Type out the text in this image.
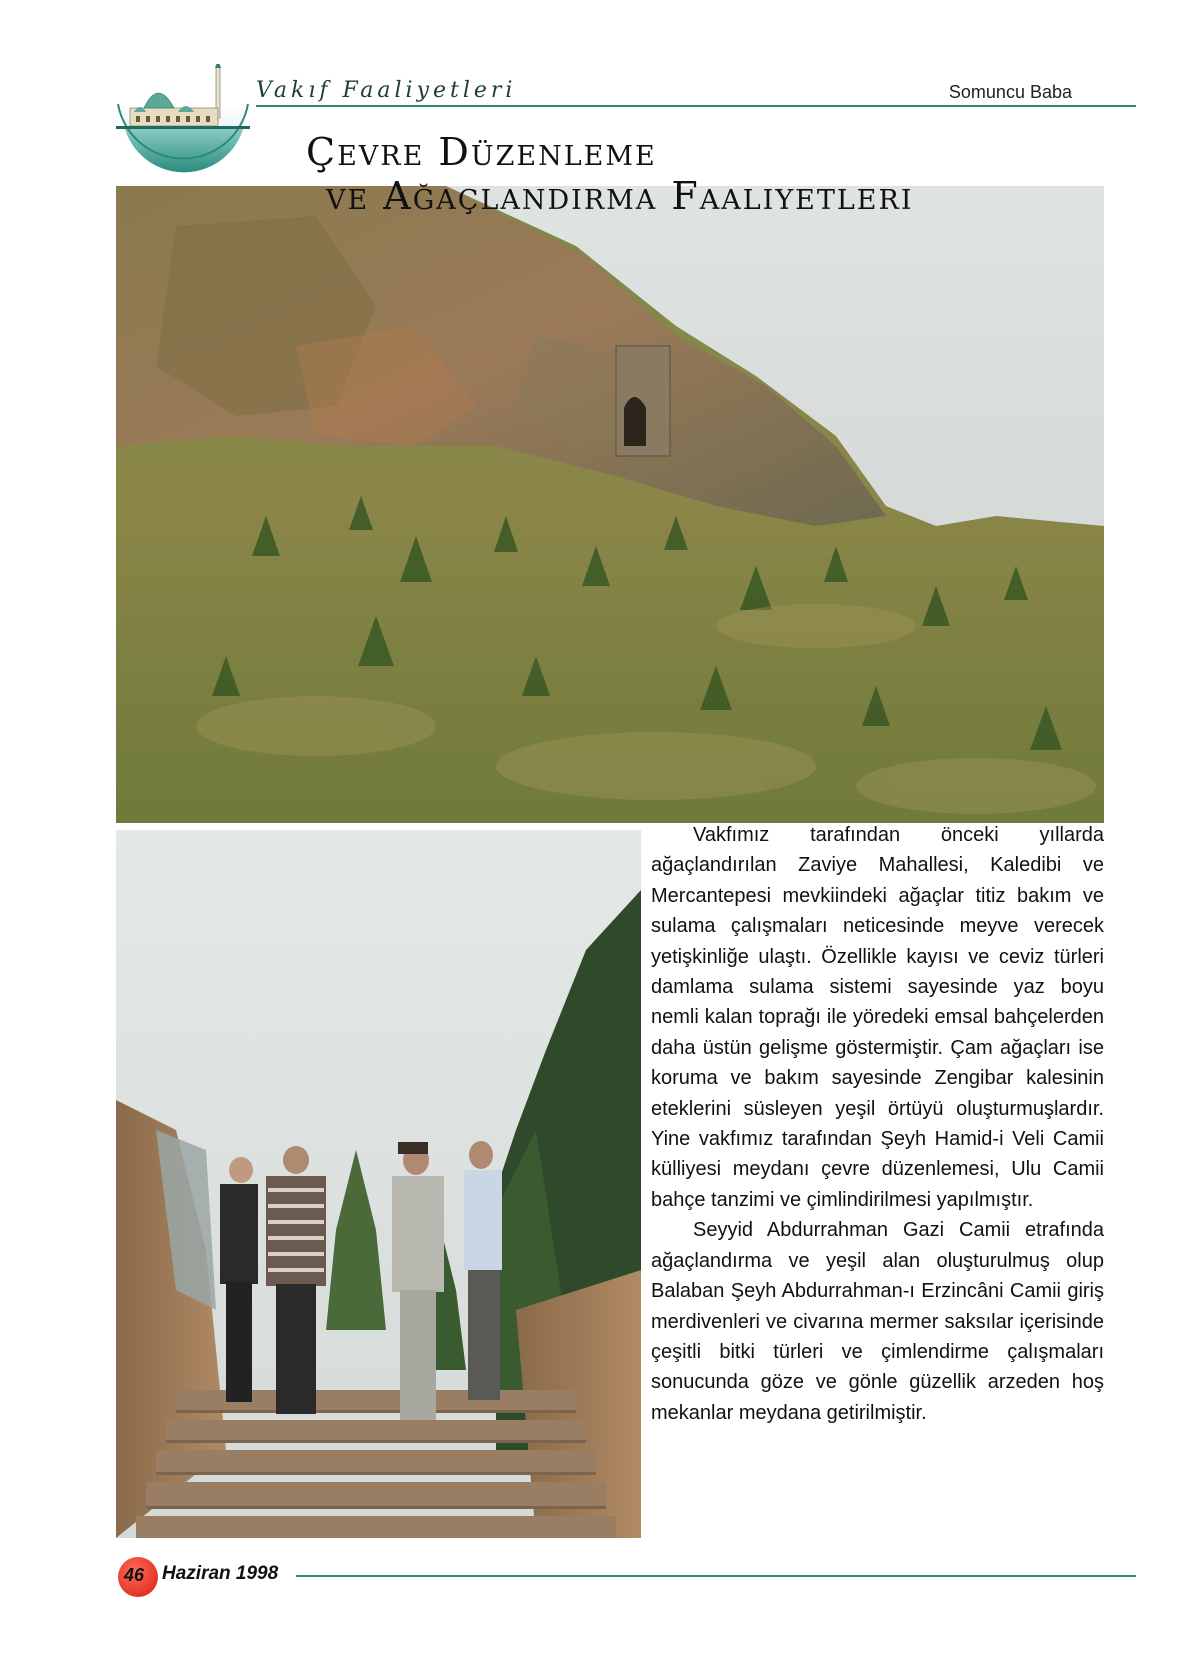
Vakıf Faaliyetleri	Somuncu Baba
Çevre Düzenleme
ve Ağaçlandırma Faaliyetleri

Vakfımız tarafından önceki yıllarda ağaçlandırılan Zaviye Mahallesi, Kaledibi ve Mercantepesi mevkiindeki ağaçlar titiz bakım ve sulama çalışmaları neticesinde meyve verecek yetişkinliğe ulaştı. Özellikle kayısı ve ceviz türleri damlama sulama sistemi sayesinde yaz boyu nemli kalan toprağı ile yöredeki emsal bahçelerden daha üstün gelişme göstermiştir. Çam ağaçları ise koruma ve bakım sayesinde Zengibar kalesinin eteklerini süsleyen yeşil örtüyü oluşturmuşlardır. Yine vakfımız tarafından Şeyh Hamid-i Veli Camii külliyesi meydanı çevre düzenlemesi, Ulu Camii bahçe tanzimi ve çimlindirilmesi yapılmıştır.

Seyyid Abdurrahman Gazi Camii etrafında ağaçlandırma ve yeşil alan oluşturulmuş olup Balaban Şeyh Abdurrahman-ı Erzincâni Camii giriş merdivenleri ve civarına mermer saksılar içerisinde çeşitli bitki türleri ve çimlendirme çalışmaları sonucunda göze ve gönle güzellik arzeden hoş mekanlar meydana getirilmiştir.

46 Haziran 1998
